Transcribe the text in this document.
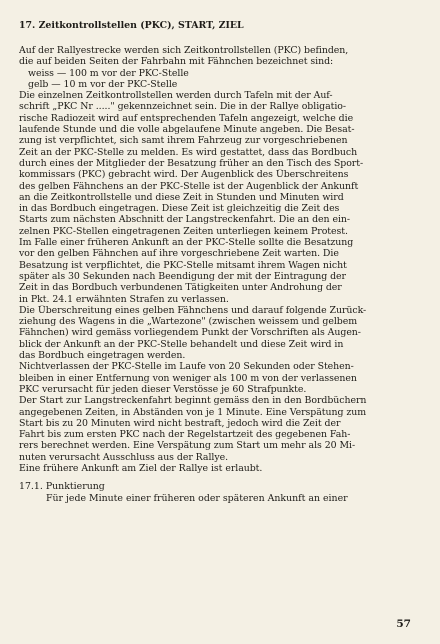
17. Zeitkontrollstellen (PKC), START, ZIEL
Auf der Rallyestrecke werden sich Zeitkontrollstellen (PKC) befinden,
die auf beiden Seiten der Fahrbahn mit Fähnchen bezeichnet sind:
weiss — 100 m vor der PKC-Stelle
gelb — 10 m vor der PKC-Stelle
Die einzelnen Zeitkontrollstellen werden durch Tafeln mit der Auf-
schrift „PKC Nr ....." gekennzeichnet sein. Die in der Rallye obligatio-
rische Radiozeit wird auf entsprechenden Tafeln angezeigt, welche die
laufende Stunde und die volle abgelaufene Minute angeben. Die Besat-
zung ist verpflichtet, sich samt ihrem Fahrzeug zur vorgeschriebenen
Zeit an der PKC-Stelle zu melden. Es wird gestattet, dass das Bordbuch
durch eines der Mitglieder der Besatzung früher an den Tisch des Sport-
kommissars (PKC) gebracht wird. Der Augenblick des Überschreitens
des gelben Fähnchens an der PKC-Stelle ist der Augenblick der Ankunft
an die Zeitkontrollstelle und diese Zeit in Stunden und Minuten wird
in das Bordbuch eingetragen. Diese Zeit ist gleichzeitig die Zeit des
Starts zum nächsten Abschnitt der Langstreckenfahrt. Die an den ein-
zelnen PKC-Stellen eingetragenen Zeiten unterliegen keinem Protest.
Im Falle einer früheren Ankunft an der PKC-Stelle sollte die Besatzung
vor den gelben Fähnchen auf ihre vorgeschriebene Zeit warten. Die
Besatzung ist verpflichtet, die PKC-Stelle mitsamt ihrem Wagen nicht
später als 30 Sekunden nach Beendigung der mit der Eintragung der
Zeit in das Bordbuch verbundenen Tätigkeiten unter Androhung der
in Pkt. 24.1 erwähnten Strafen zu verlassen.
Die Überschreitung eines gelben Fähnchens und darauf folgende Zurück-
ziehung des Wagens in die „Wartezone" (zwischen weissem und gelbem
Fähnchen) wird gemäss vorliegendem Punkt der Vorschriften als Augen-
blick der Ankunft an der PKC-Stelle behandelt und diese Zeit wird in
das Bordbuch eingetragen werden.
Nichtverlassen der PKC-Stelle im Laufe von 20 Sekunden oder Stehen-
bleiben in einer Entfernung von weniger als 100 m von der verlassenen
PKC verursacht für jeden dieser Verstösse je 60 Strafpunkte.
Der Start zur Langstreckenfahrt beginnt gemäss den in den Bordbüchern
angegebenen Zeiten, in Abständen von je 1 Minute. Eine Verspätung zum
Start bis zu 20 Minuten wird nicht bestraft, jedoch wird die Zeit der
Fahrt bis zum ersten PKC nach der Regelstartzeit des gegebenen Fah-
rers berechnet werden. Eine Verspätung zum Start um mehr als 20 Mi-
nuten verursacht Ausschluss aus der Rallye.
Eine frühere Ankunft am Ziel der Rallye ist erlaubt.
17.1. Punktierung
Für jede Minute einer früheren oder späteren Ankunft an einer
57
